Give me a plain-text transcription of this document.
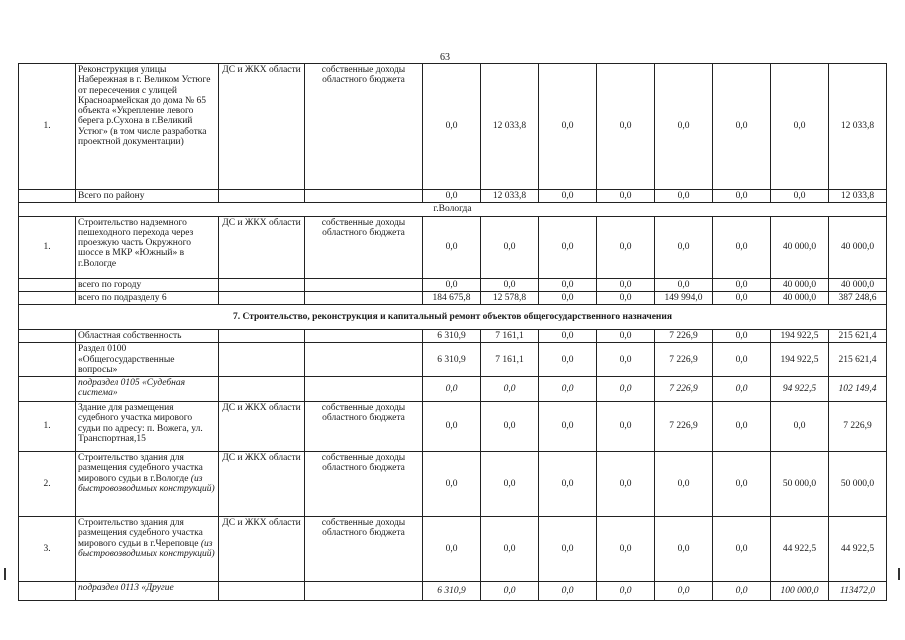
63
1.	Реконструкция улицы Набережная в г. Великом Устюге от пересечения с улицей Красноармейская до дома № 65 объекта «Укрепление левого берега р.Сухона в г.Великий Устюг» (в том числе разработка проектной документации)	ДС и ЖКХ области	собственные доходы областного бюджета	0,0	12 033,8	0,0	0,0	0,0	0,0	0,0	12 033,8
	Всего по району			0,0	12 033,8	0,0	0,0	0,0	0,0	0,0	12 033,8
г.Вологда											
1.	Строительство надземного пешеходного перехода через проезжую часть Окружного шоссе в МКР «Южный» в г.Вологде	ДС и ЖКХ области	собственные доходы областного бюджета	0,0	0,0	0,0	0,0	0,0	0,0	40 000,0	40 000,0
	всего по городу			0,0	0,0	0,0	0,0	0,0	0,0	40 000,0	40 000,0
	всего по подразделу 6			184 675,8	12 578,8	0,0	0,0	149 994,0	0,0	40 000,0	387 248,6
7. Строительство, реконструкция и капитальный ремонт объектов общегосударственного назначения											
	Областная собственность			6 310,9	7 161,1	0,0	0,0	7 226,9	0,0	194 922,5	215 621,4
	Раздел 0100 «Общегосударственные вопросы»			6 310,9	7 161,1	0,0	0,0	7 226,9	0,0	194 922,5	215 621,4
	подраздел 0105 «Судебная система»			0,0	0,0	0,0	0,0	7 226,9	0,0	94 922,5	102 149,4
1.	Здание для размещения судебного участка мирового судьи по адресу: п. Вожега, ул. Транспортная,15	ДС и ЖКХ области	собственные доходы областного бюджета	0,0	0,0	0,0	0,0	7 226,9	0,0	0,0	7 226,9
2.	Строительство здания для размещения судебного участка мирового судьи в г.Вологде (из быстровозводимых конструкций)	ДС и ЖКХ области	собственные доходы областного бюджета	0,0	0,0	0,0	0,0	0,0	0,0	50 000,0	50 000,0
3.	Строительство здания для размещения судебного участка мирового судьи в г.Череповце (из быстровозводимых конструкций)	ДС и ЖКХ области	собственные доходы областного бюджета	0,0	0,0	0,0	0,0	0,0	0,0	44 922,5	44 922,5
	подраздел 0113 «Другие			6 310,9	0,0	0,0	0,0	0,0	0,0	100 000,0	113472,0
